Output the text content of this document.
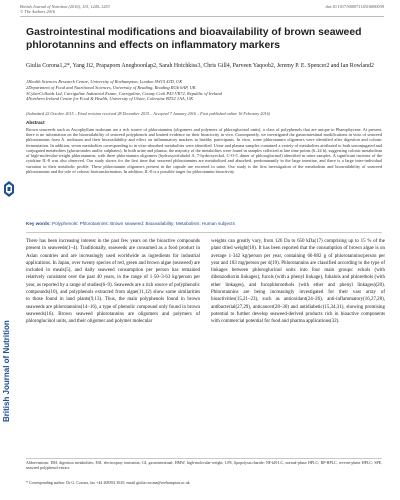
British Journal of Nutrition (2016), 115, 1240–1253
© The Authors 2016
doi:10.1017/S0007114516000039
British Journal of Nutrition
Gastrointestinal modifications and bioavailability of brown seaweed phlorotannins and effects on inflammatory markers
Giulia Corona1,2*, Yang Ji2, Prapaporn Anegboonlap2, Sarah Hotchkiss3, Chris Gill4, Parveen Yaqoob2, Jeremy P. E. Spencer2 and Ian Rowland2
1Health Sciences Research Centre, University of Roehampton, London SW15 4JD, UK
2Department of Food and Nutritional Sciences, University of Reading, Reading RG6 6AP, UK
3CyberColloids Ltd, Carrigaline Industrial Estate, Carrigaline, County Cork P43 VR72, Republic of Ireland
4Northern Ireland Centre for Food & Health, University of Ulster, Coleraine BT52 1AA, UK
(Submitted 22 October 2015 – Final revision received 28 December 2015 – Accepted 7 January 2016 – First published online 16 February 2016)
Abstract
Brown seaweeds such as Ascophyllum nodosum are a rich source of phlorotannins (oligomers and polymers of phloroglucinol units), a class of polyphenols that are unique to Phaeophyceae. At present, there is no information on the bioavailability of seaweed polyphenols and limited evidence on their bioactivity in vivo. Consequently, we investigated the gastrointestinal modifications in vitro of seaweed phlorotannins from A. nodosum and their bioavailability and effect on inflammatory markers in healthy participants. In vitro, some phlorotannin oligomers were identified after digestion and colonic fermentation. In addition, seven metabolites corresponding to in vitro-absorbed metabolites were identified. Urine and plasma samples contained a variety of metabolites attributed to both unconjugated and conjugated metabolites (glucuronides and/or sulphates). In both urine and plasma, the majority of the metabolites were found in samples collected at late time points (6–24 h), suggesting colonic metabolism of high-molecular-weight phlorotannins, with three phlorotannin oligomers (hydroxytrifuhalol A, 7-hydroxyeckol, C-O-C dimer of phloroglucinol) identified in urine samples. A significant increase of the cytokine IL-8 was also observed. Our study shows for the first time that seaweed phlorotannins are metabolised and absorbed, predominantly in the large intestine, and there is a large inter-individual variation in their metabolic profile. These phlorotannin oligomers present in the capsule are excreted in urine. Our study is the first investigation of the metabolism and bioavailability of seaweed phlorotannins and the role of colonic biotransformation. In addition, IL-8 is a possible target for phlorotannin bioactivity.
Key words: Polyphenols: Phlorotannins: Brown seaweed: Bioavailability: Metabolism: Human subjects
There has been increasing interest in the past few years on the bioactive compounds present in seaweeds(1–4). Traditionally, seaweeds are consumed as a food product in Asian countries and are increasingly used worldwide as ingredients for industrial applications. In Japan, over twenty species of red, green and brown algae (seaweed) are included in meals(5), and daily seaweed consumption per person has remained relatively consistent over the past 40 years, in the range of 1·50–3·63 kg/person per year, as reported by a range of studies(6–9). Seaweeds are a rich source of polyphenolic compounds(10), and polyphenols extracted from algae(11,12) show some similarities to those found in land plants(9,13). Thus, the main polyphenols found in brown seaweeds are phlorotannins(14–16), a type of phenolic compound only found in brown seaweeds(16). Brown seaweed phlorotannins are oligomers and polymers of phloroglucinol units, and their oligomer and polymer molecular
weights can greatly vary, from 126 Da to 650 kDa(17) comprising up to 15 % of the plant dried weight(18). It has been reported that the consumption of brown algae is on average 1·342 kg/person per year, containing 66·882 g of phlorotannins/person per year and 183 mg/person per d(19). Phlorotannins are classified according to the type of linkages between phloroglucinol units into four main groups: eckols (with dibenzodioxin linkages), fucols (with a phenyl linkage), fuhalols and phlorethols (with ether linkages), and fucophloroethols (with ether and phenyl linkages)(20). Phlorotannins are being increasingly investigated for their vast array of bioactivities(15,21–23), such as antioxidant(24–26), anti-inflammatory(16,27,28), antibacterial(27,29), anticancer(28–30) and antidiabetic(15,34,31), showing promising potential to further develop seaweed-derived products rich in bioactive components with commercial potential for food and pharma applications(32).
Abbreviations: DM, digestion metabolites; ESI, electrospray ionisation; GI, gastrointestinal; HMW, high-molecular-weight; LPS, lipopolysaccharide; NF-kB-LC, normal-phase HPLC; RP-HPLC, reverse-phase HPLC; SPE, seaweed polyphenol extract.
* Corresponding author: Dr G. Corona, fax +44 208392 3610, email giulia.corona@roehampton.ac.uk
